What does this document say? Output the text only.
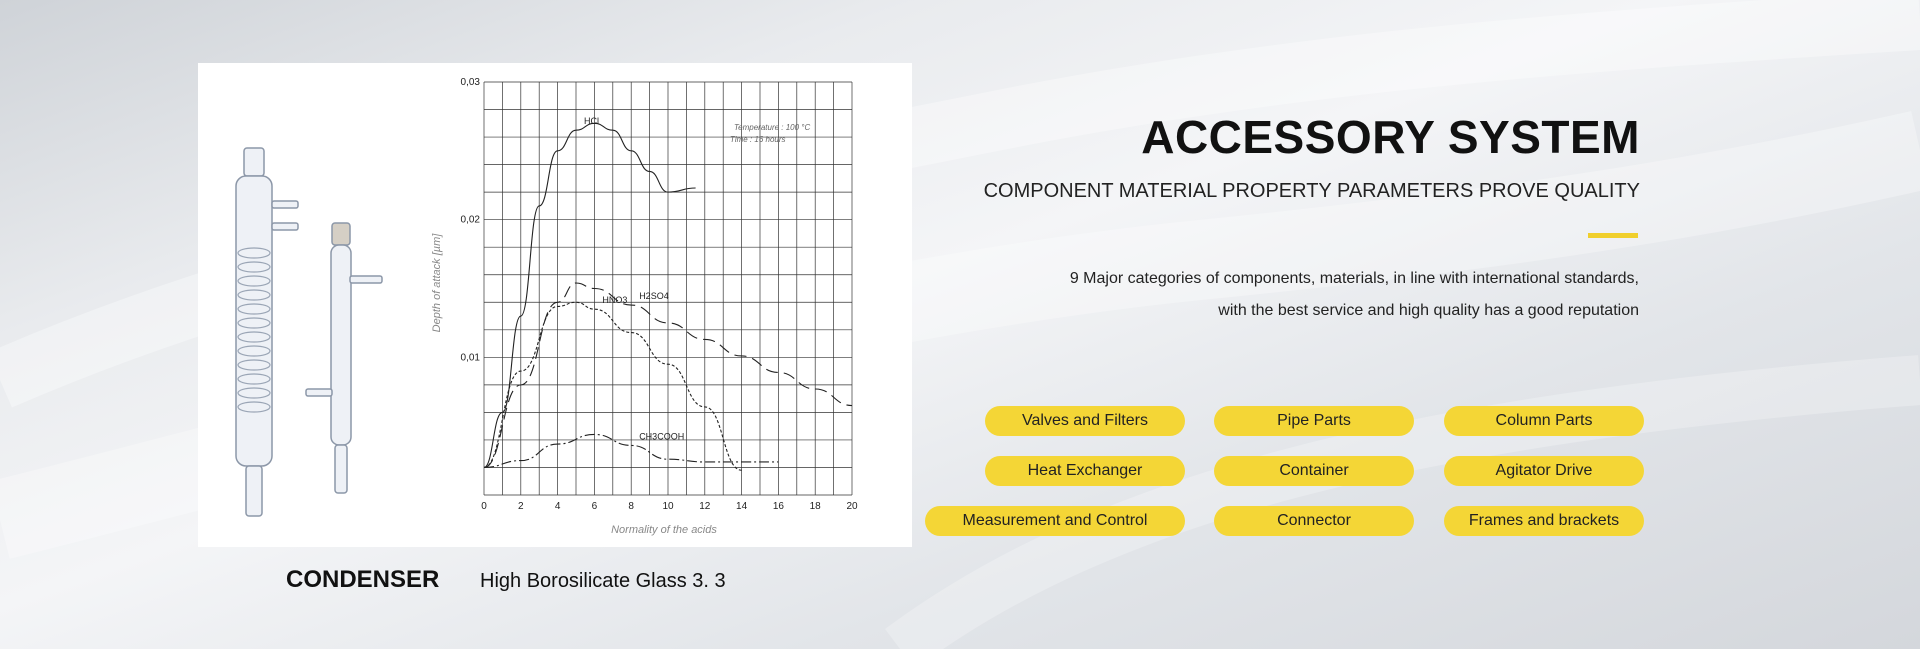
HCl
H2SO4
HNO3
CH3COOH
0	2	4	6	8	10	12	14	16	18	20
0,01
0,02
0,03
Normality of the acids
Depth of attack [µm]
Temperature : 100 °C
Time : 16 hours
CONDENSER High Borosilicate Glass 3. 3
ACCESSORY SYSTEM
COMPONENT MATERIAL PROPERTY PARAMETERS PROVE QUALITY
9 Major categories of components, materials, in line with international standards,
with the best service and high quality has a good reputation
Valves and Filters	Pipe Parts	Column Parts
Heat Exchanger	Container	Agitator Drive
Measurement and Control	Connector	Frames and brackets
